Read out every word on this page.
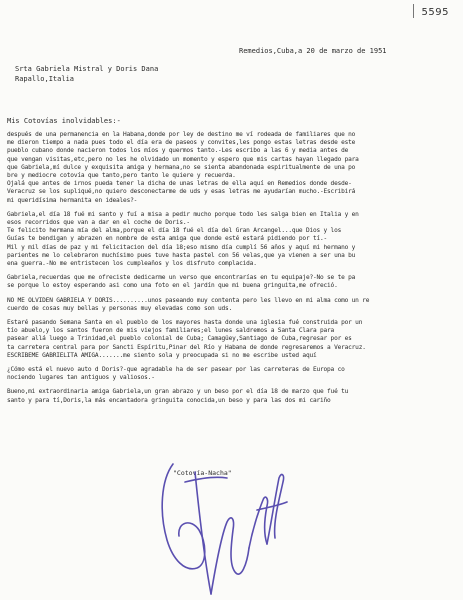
5595
Remedios,Cuba,a 20 de marzo de 1951
Srta Gabriela Mistral y Doris Dana
Rapallo,Italia
Mis Cotovías inolvidables:-
después de una permanencia en la Habana,donde por ley de destino me ví rodeada de familiares que no
me dieron tiempo a nada pues todo el día era de paseos y convites,les pongo estas letras desde este
pueblo cubano donde nacieron todos los míos y quermos tanto.-Les escribo a las 6 y media antes de
que vengan visitas,etc,pero no les he olvidado un momento y espero que mis cartas hayan llegado para
que Gabriela,mí dulce y exquisita amiga y hermana,no se sienta abandonada espiritualmente de una po
bre y mediocre cotovía que tanto,pero tanto le quiere y recuerda.
Ojalá que antes de irnos pueda tener la dicha de unas letras de ella aquí en Remedios donde desde-
Veracruz se los supliqué,no quiero desconectarme de uds y esas letras me ayudarían mucho.-Escribirá
mi queridísima hermanita en ideales?-
Gabriela,el día 18 fué mi santo y fuí a misa a pedir mucho porque todo les salga bien en Italia y en
esos recorridos que van a dar en el coche de Doris.-
Te felicito hermana mía del alma,porque el día 18 fué el día del Gran Arcangel...que Dios y los
Guías te bendigan y abrazen en nombre de esta amiga que donde esté estará pidiendo por tí.-
Mil y mil días de paz y mi felicitacion del día 18;eso mismo día cumplí 56 años y aquí mi hermano y
parientes me lo celebraron muchísimo pues tuve hasta pastel con 56 velas,que ya vienen a ser una bu
ena guerra.-No me entristecen los cumpleaños y los disfruto complacida.
Gabriela,recuerdas que me ofreciste dedicarme un verso que encontrarías en tu equipaje?-No se te pa
se porque lo estoy esperando asi como una foto en el jardín que mi buena gringuita,me ofreció.
NO ME OLVIDEN GABRIELA Y DORIS..........unos paseando muy contenta pero les llevo en mi alma como un re
cuerdo de cosas muy bellas y personas muy elevadas como son uds.
Estaré pasando Semana Santa en el pueblo de los mayores hasta donde una iglesia fué construida por un
tío abuelo,y los santos fueron de mis viejos familiares;el lunes saldremos a Santa Clara para
pasear allá luego a Trinidad,el pueblo colonial de Cuba; Camagüey,Santiago de Cuba,regresar por es
ta carretera central para por Sancti Espíritu,Pinar del Río y Habana de donde regresaremos a Veracruz.
ESCRIBEME GABRIELITA AMIGA.......me siento sola y preocupada si no me escribe usted aquí
¿Cómo está el nuevo auto d Doris?-que agradable ha de ser pasear por las carreteras de Europa co
nociendo lugares tan antiguos y valiosos.-
Bueno,mi extraordinaria amiga Gabriela,un gran abrazo y un beso por el día 18 de marzo que fué tu
santo y para tí,Doris,la más encantadora gringuita conocida,un beso y para las dos mi cariño
"Cotovía-Nacha"
